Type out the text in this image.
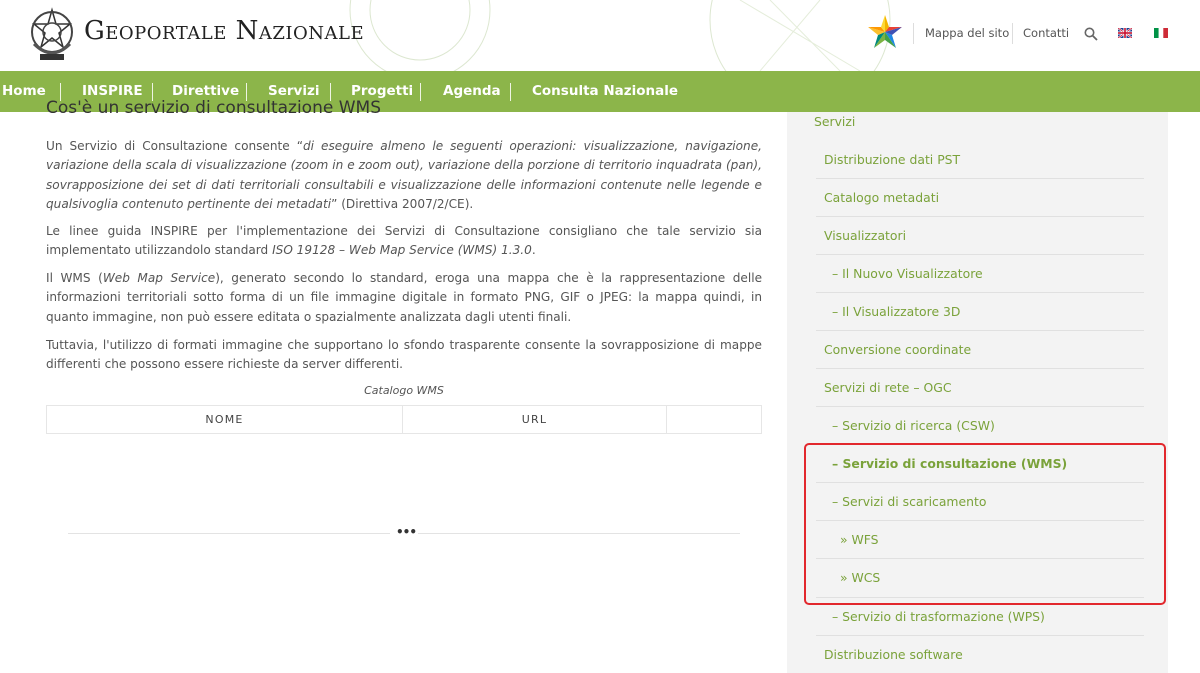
Geoportale Nazionale	Mappa del sito Contatti
Home	INSPIRE Direttive Servizi Progetti Agenda Consulta Nazionale
Cos'è un servizio di consultazione WMS

Un Servizio di Consultazione consente “di eseguire almeno le seguenti operazioni: visualizzazione, navigazione, variazione della scala di visualizzazione (zoom in e zoom out), variazione della porzione di territorio inquadrata (pan), sovrapposizione dei set di dati territoriali consultabili e visualizzazione delle informazioni contenute nelle legende e qualsivoglia contenuto pertinente dei metadati” (Direttiva 2007/2/CE).

Le linee guida INSPIRE per l'implementazione dei Servizi di Consultazione consigliano che tale servizio sia implementato utilizzandolo standard ISO 19128 – Web Map Service (WMS) 1.3.0.

Il WMS (Web Map Service), generato secondo lo standard, eroga una mappa che è la rappresentazione delle informazioni territoriali sotto forma di un file immagine digitale in formato PNG, GIF o JPEG: la mappa quindi, in quanto immagine, non può essere editata o spazialmente analizzata dagli utenti finali.

Tuttavia, l'utilizzo di formati immagine che supportano lo sfondo trasparente consente la sovrapposizione di mappe differenti che possono essere richieste da server differenti.

Catalogo WMS
NOME	URL
•••
Servizi
Distribuzione dati PST
Catalogo metadati
Visualizzatori
– Il Nuovo Visualizzatore
– Il Visualizzatore 3D
Conversione coordinate
Servizi di rete – OGC
– Servizio di ricerca (CSW)
– Servizio di consultazione (WMS)
– Servizi di scaricamento
» WFS
» WCS
– Servizio di trasformazione (WPS)
Distribuzione software
